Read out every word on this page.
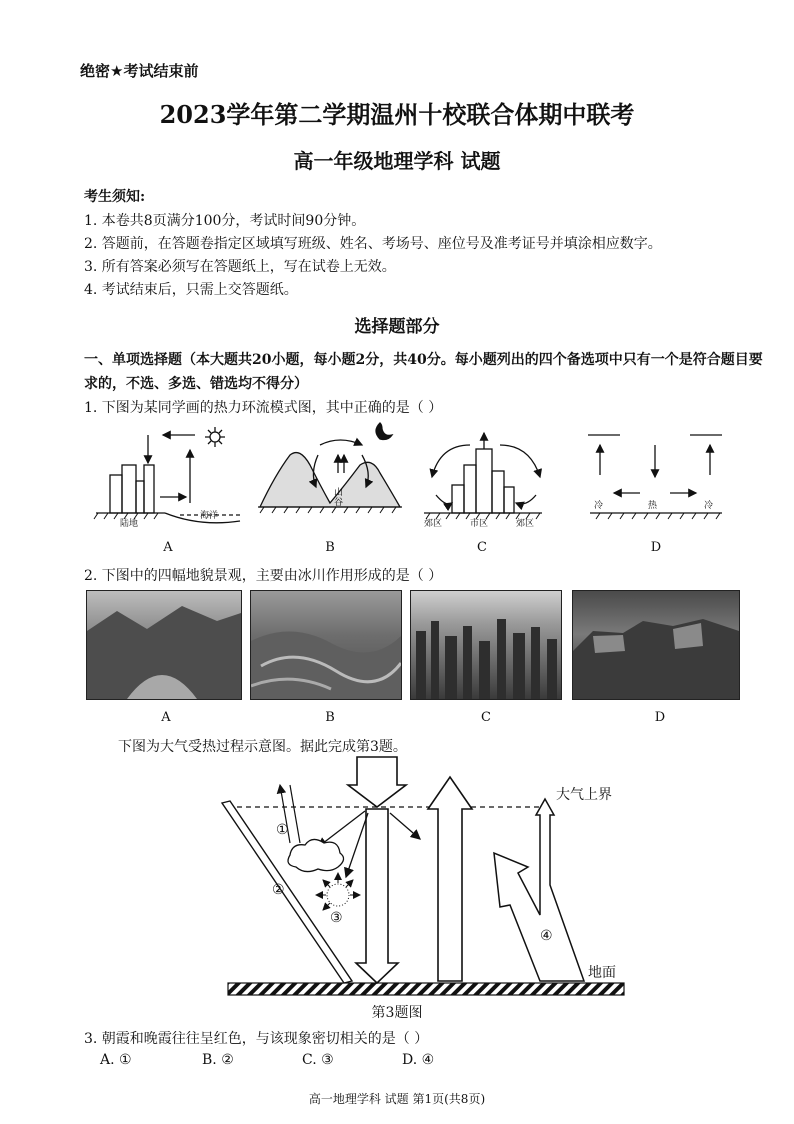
绝密★考试结束前
2023学年第二学期温州十校联合体期中联考
高一年级地理学科 试题
考生须知:
1. 本卷共8页满分100分，考试时间90分钟。
2. 答题前，在答题卷指定区域填写班级、姓名、考场号、座位号及准考证号并填涂相应数字。
3. 所有答案必须写在答题纸上，写在试卷上无效。
4. 考试结束后，只需上交答题纸。
选择题部分
一、单项选择题（本大题共20小题，每小题2分，共40分。每小题列出的四个备选项中只有一个是符合题目要求的，不选、多选、错选均不得分）
1. 下图为某同学画的热力环流模式图，其中正确的是（ ）
陆地
海洋
山谷
郊区	市区	郊区
冷	热	冷
A	B	C	D
2. 下图中的四幅地貌景观，主要由冰川作用形成的是（ ）
A	B	C	D
下图为大气受热过程示意图。据此完成第3题。
大气上界
地面
①
②
③
④
第3题图
3. 朝霞和晚霞往往呈红色，与该现象密切相关的是（ ）
A. ①	B. ②	C. ③	D. ④
高一地理学科 试题 第1页(共8页)
